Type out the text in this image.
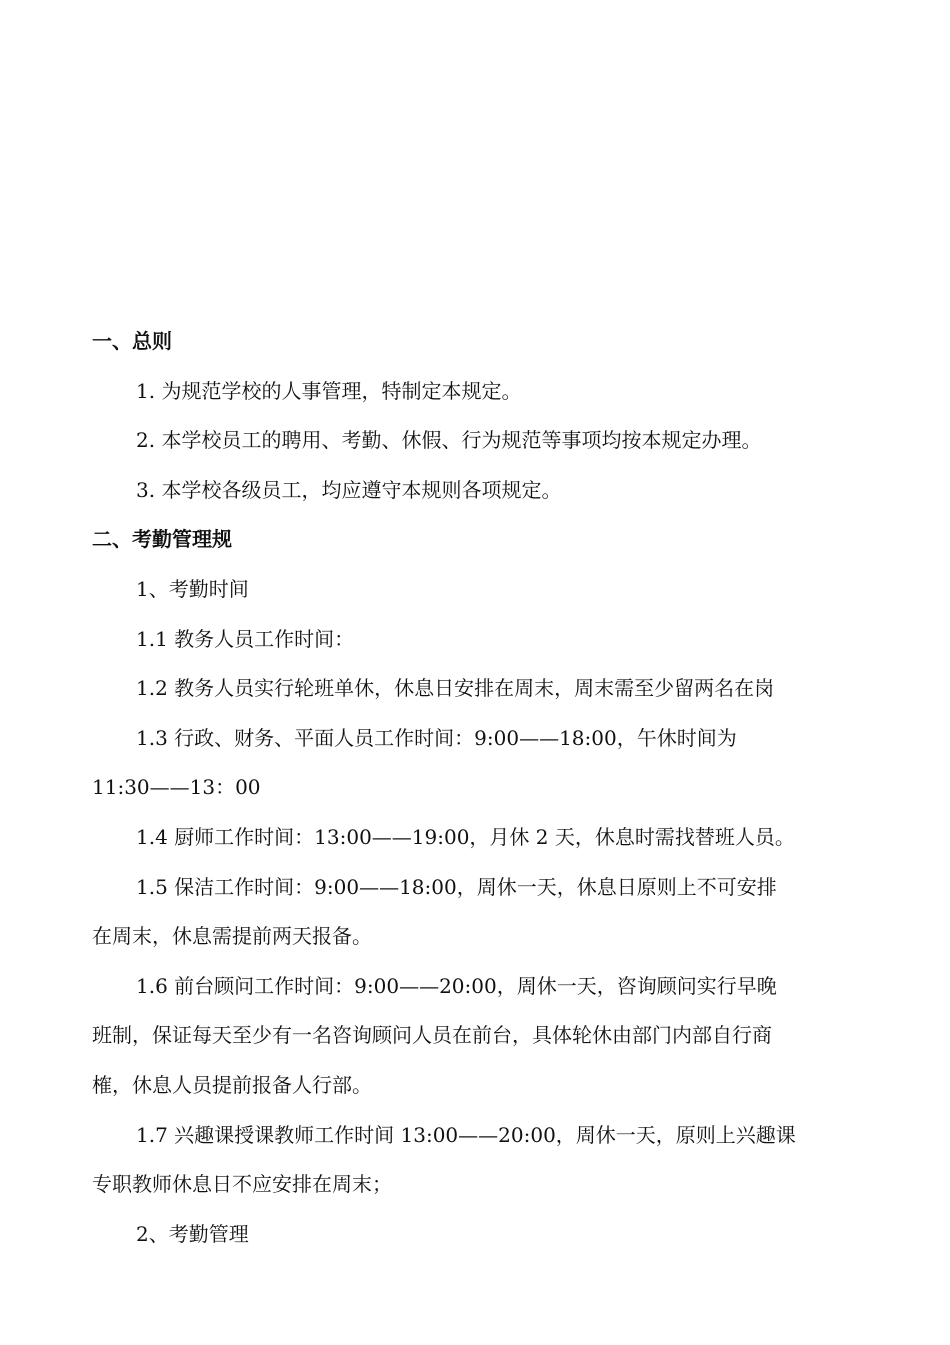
一、总则
1. 为规范学校的人事管理，特制定本规定。
2. 本学校员工的聘用、考勤、休假、行为规范等事项均按本规定办理。
3. 本学校各级员工，均应遵守本规则各项规定。
二、考勤管理规
1、考勤时间
1.1 教务人员工作时间：
1.2 教务人员实行轮班单休，休息日安排在周末，周末需至少留两名在岗
1.3 行政、财务、平面人员工作时间：9:00——18:00，午休时间为
11:30——13：00
1.4 厨师工作时间：13:00——19:00，月休 2 天，休息时需找替班人员。
1.5 保洁工作时间：9:00——18:00，周休一天，休息日原则上不可安排
在周末，休息需提前两天报备。
1.6 前台顾问工作时间：9:00——20:00，周休一天，咨询顾问实行早晚
班制，保证每天至少有一名咨询顾问人员在前台，具体轮休由部门内部自行商
榷，休息人员提前报备人行部。
1.7 兴趣课授课教师工作时间 13:00——20:00，周休一天，原则上兴趣课
专职教师休息日不应安排在周末；
2、考勤管理
